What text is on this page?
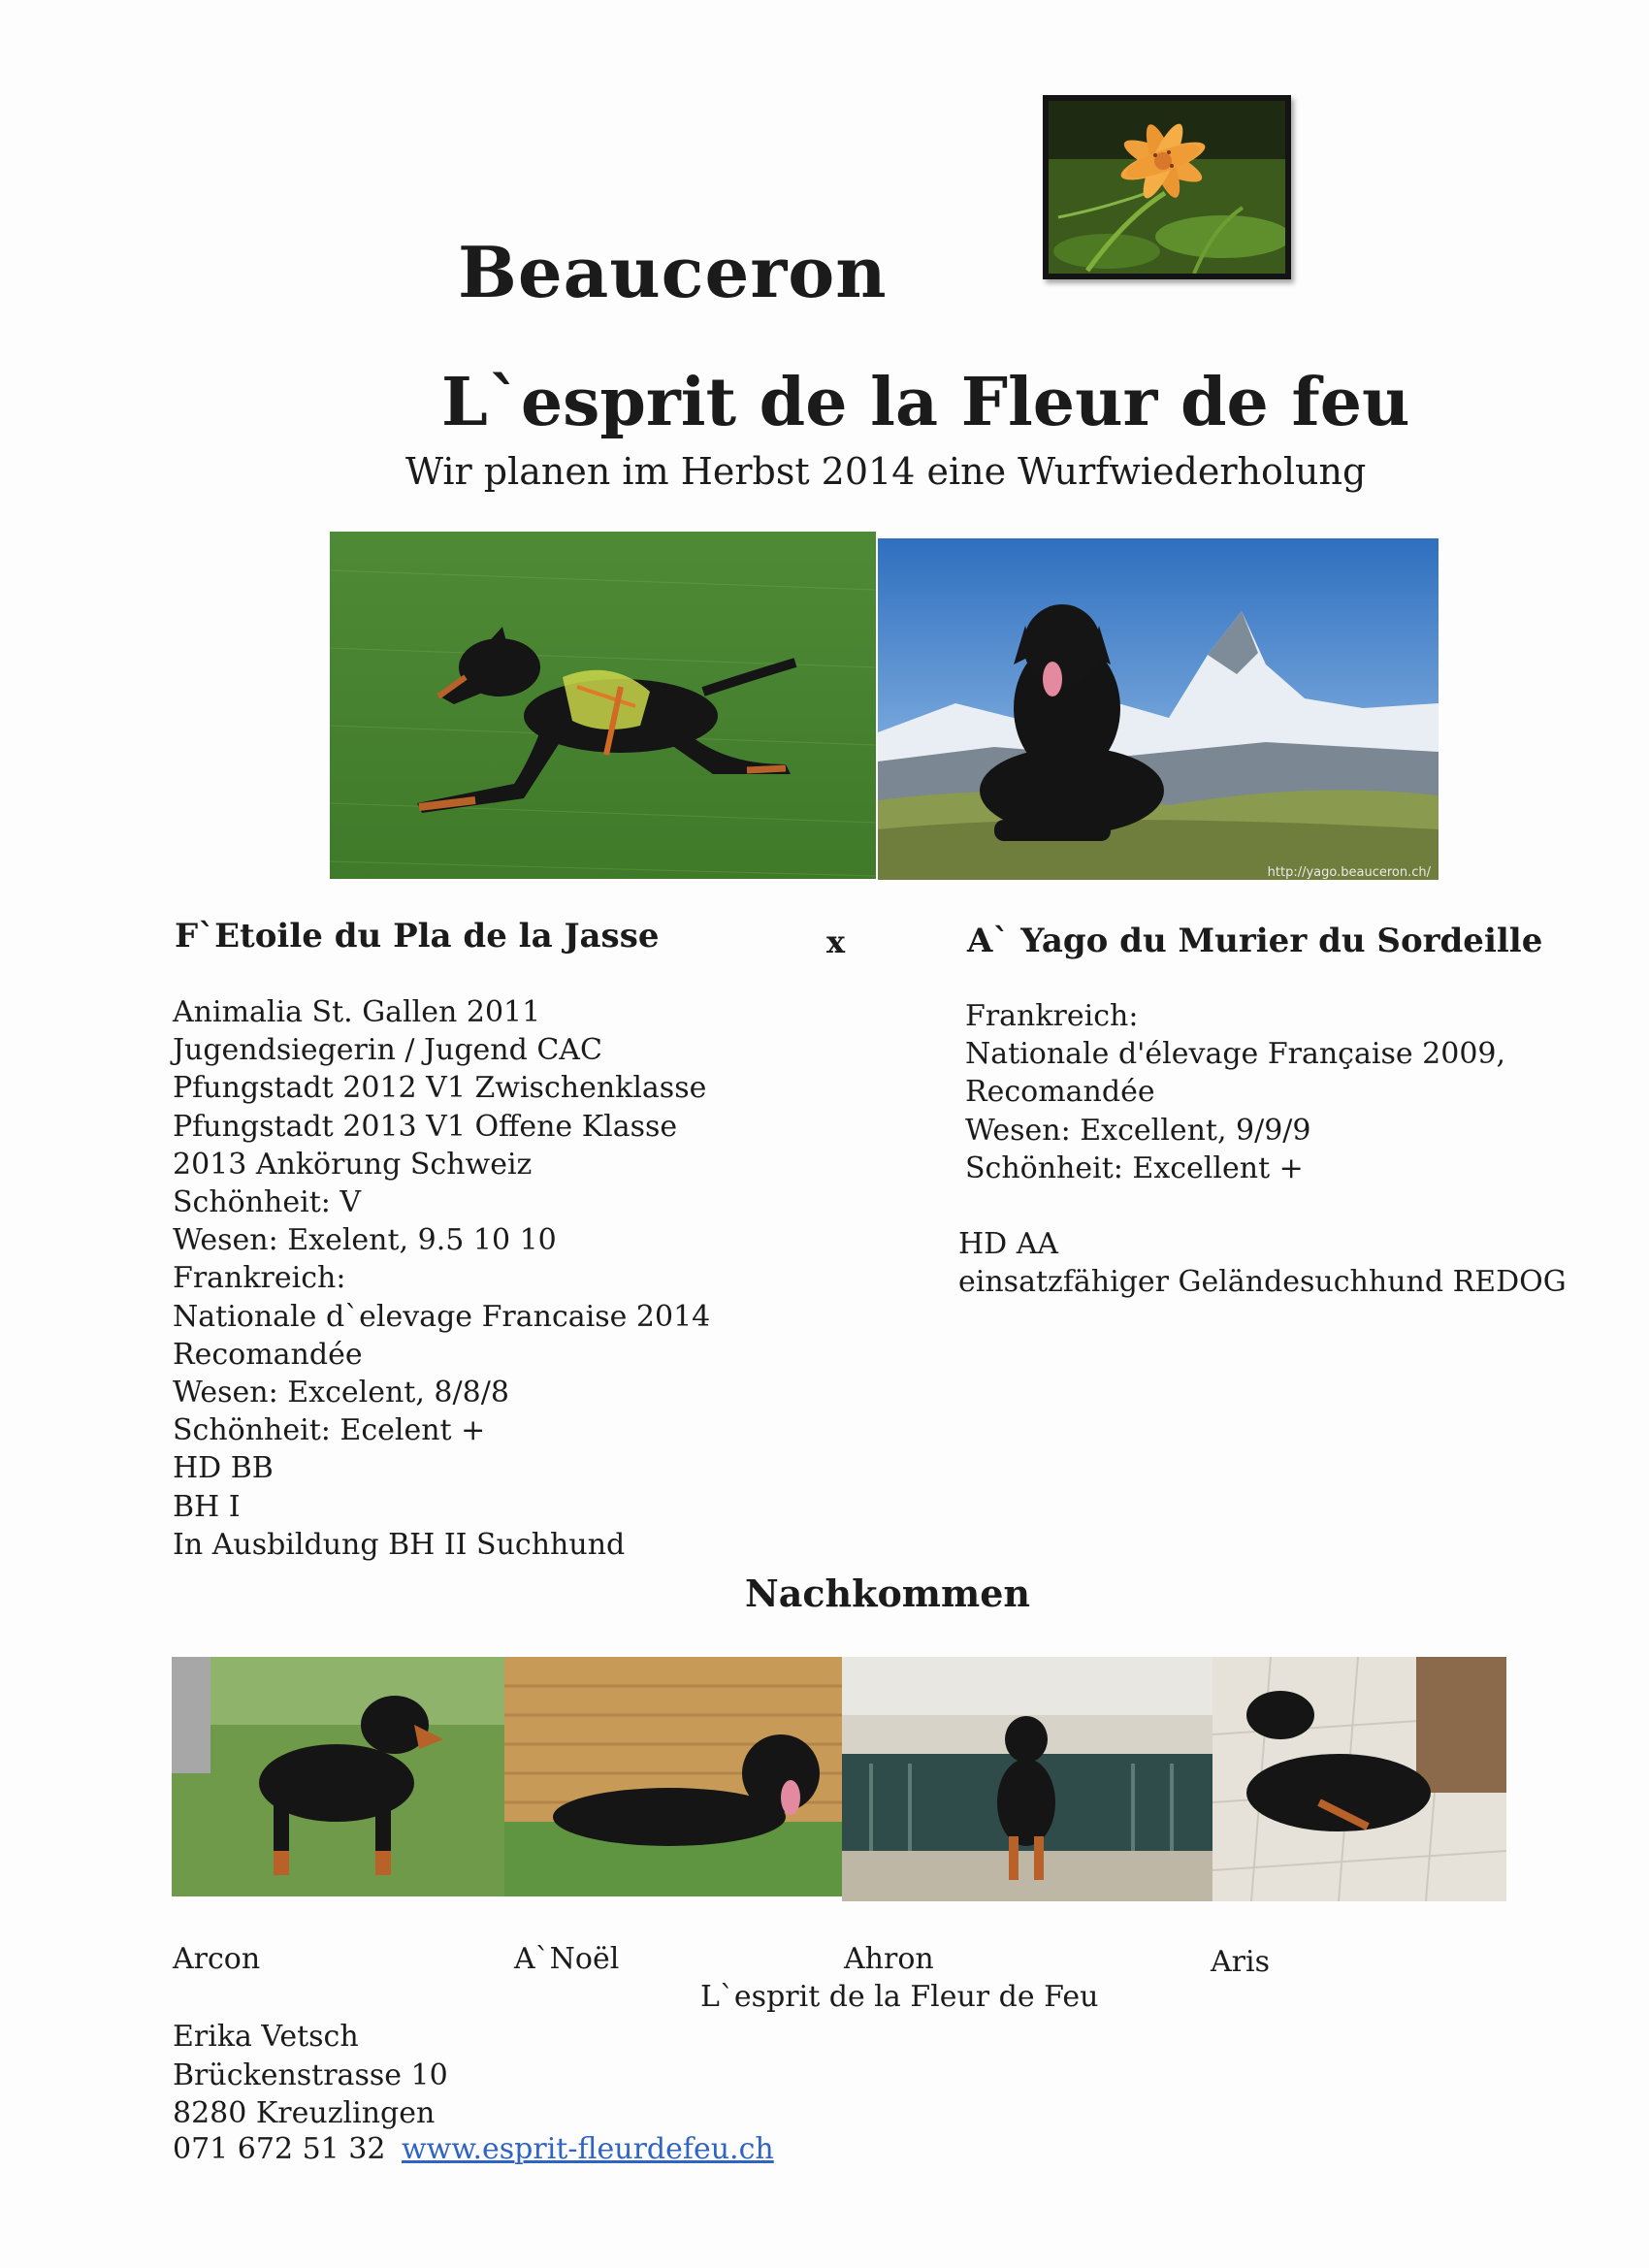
Beauceron
L`esprit de la Fleur de feu
Wir planen im Herbst 2014 eine Wurfwiederholung
http://yago.beauceron.ch/
F`Etoile du Pla de la Jasse	x	A` Yago du Murier du Sordeille
Animalia St. Gallen 2011
Jugendsiegerin / Jugend CAC
Pfungstadt 2012 V1 Zwischenklasse
Pfungstadt 2013 V1 Offene Klasse
2013 Ankörung Schweiz
Schönheit: V
Wesen: Exelent, 9.5 10 10
Frankreich:
Nationale d`elevage Francaise 2014
Recomandée
Wesen: Excelent, 8/8/8
Schönheit: Ecelent +
HD BB
BH I
In Ausbildung BH II Suchhund
Frankreich:
Nationale d'élevage Française 2009,
Recomandée
Wesen: Excellent, 9/9/9
Schönheit: Excellent +
HD AA
einsatzfähiger Geländesuchhund REDOG
Nachkommen
Arcon	A`Noël	Ahron	Aris
L`esprit de la Fleur de Feu
Erika Vetsch
Brückenstrasse 10
8280 Kreuzlingen
071 672 51 32 www.esprit-fleurdefeu.ch
